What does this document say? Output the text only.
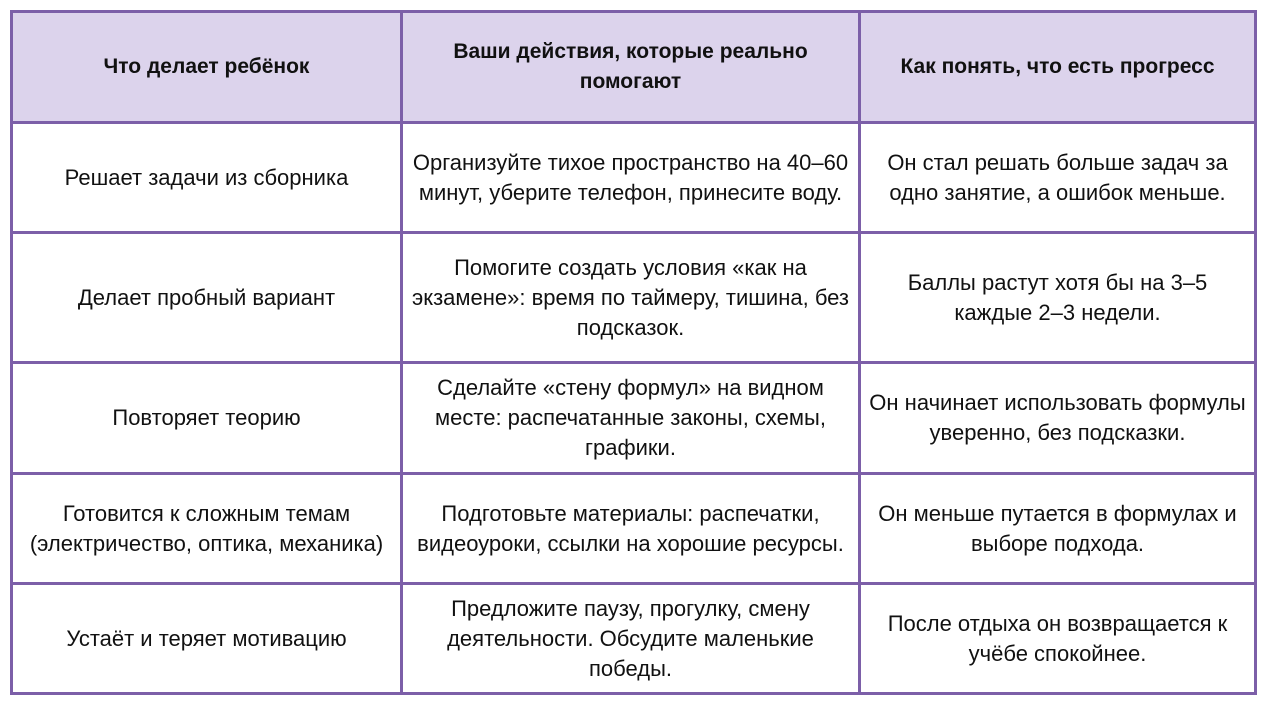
Что делает ребёнок	Ваши действия, которые реально помогают	Как понять, что есть прогресс
Решает задачи из сборника	Организуйте тихое пространство на 40–60 минут, уберите телефон, принесите воду.	Он стал решать больше задач за одно занятие, а ошибок меньше.
Делает пробный вариант	Помогите создать условия «как на экзамене»: время по таймеру, тишина, без подсказок.	Баллы растут хотя бы на 3–5 каждые 2–3 недели.
Повторяет теорию	Сделайте «стену формул» на видном месте: распечатанные законы, схемы, графики.	Он начинает использовать формулы уверенно, без подсказки.
Готовится к сложным темам (электричество, оптика, механика)	Подготовьте материалы: распечатки, видеоуроки, ссылки на хорошие ресурсы.	Он меньше путается в формулах и выборе подхода.
Устаёт и теряет мотивацию	Предложите паузу, прогулку, смену деятельности. Обсудите маленькие победы.	После отдыха он возвращается к учёбе спокойнее.
